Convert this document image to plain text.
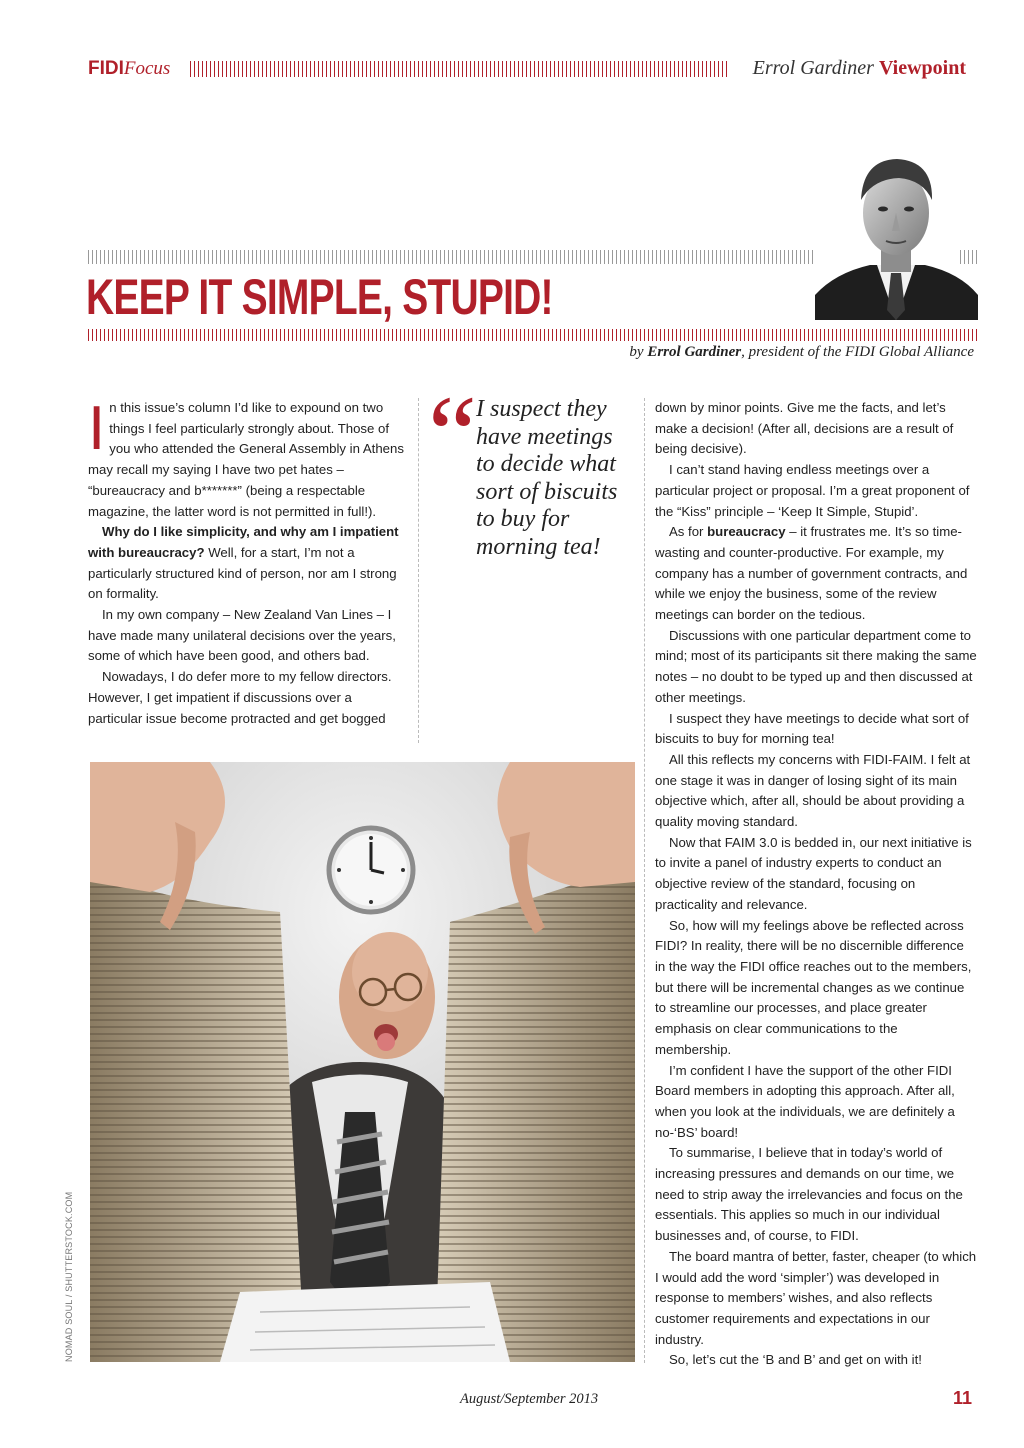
FIDIFocus	Errol Gardiner Viewpoint
KEEP IT SIMPLE, STUPID!
by Errol Gardiner, president of the FIDI Global Alliance

In this issue’s column I’d like to expound on two things I feel particularly strongly about. Those of you who attended the General Assembly in Athens may recall my saying I have two pet hates – “bureaucracy and b*******” (being a respectable magazine, the latter word is not permitted in full!).

Why do I like simplicity, and why am I impatient with bureaucracy? Well, for a start, I’m not a particularly structured kind of person, nor am I strong on formality.

In my own company – New Zealand Van Lines – I have made many unilateral decisions over the years, some of which have been good, and others bad.

Nowadays, I do defer more to my fellow directors. However, I get impatient if discussions over a particular issue become protracted and get bogged

“ I suspect they have meetings to decide what sort of biscuits to buy for morning tea!

down by minor points. Give me the facts, and let’s make a decision! (After all, decisions are a result of being decisive).

I can’t stand having endless meetings over a particular project or proposal. I’m a great proponent of the “Kiss” principle – ‘Keep It Simple, Stupid’.

As for bureaucracy – it frustrates me. It’s so time-wasting and counter-productive. For example, my company has a number of government contracts, and while we enjoy the business, some of the review meetings can border on the tedious.

Discussions with one particular department come to mind; most of its participants sit there making the same notes – no doubt to be typed up and then discussed at other meetings.

I suspect they have meetings to decide what sort of biscuits to buy for morning tea!

All this reflects my concerns with FIDI-FAIM. I felt at one stage it was in danger of losing sight of its main objective which, after all, should be about providing a quality moving standard.

Now that FAIM 3.0 is bedded in, our next initiative is to invite a panel of industry experts to conduct an objective review of the standard, focusing on practicality and relevance.

So, how will my feelings above be reflected across FIDI? In reality, there will be no discernible difference in the way the FIDI office reaches out to the members, but there will be incremental changes as we continue to streamline our processes, and place greater emphasis on clear communications to the membership.

I’m confident I have the support of the other FIDI Board members in adopting this approach. After all, when you look at the individuals, we are definitely a no-‘BS’ board!

To summarise, I believe that in today’s world of increasing pressures and demands on our time, we need to strip away the irrelevancies and focus on the essentials. This applies so much in our individual businesses and, of course, to FIDI.

The board mantra of better, faster, cheaper (to which I would add the word ‘simpler’) was developed in response to members’ wishes, and also reflects customer requirements and expectations in our industry.

So, let’s cut the ‘B and B’ and get on with it!

NOMAD SOUL / SHUTTERSTOCK.COM
August/September 2013	11
